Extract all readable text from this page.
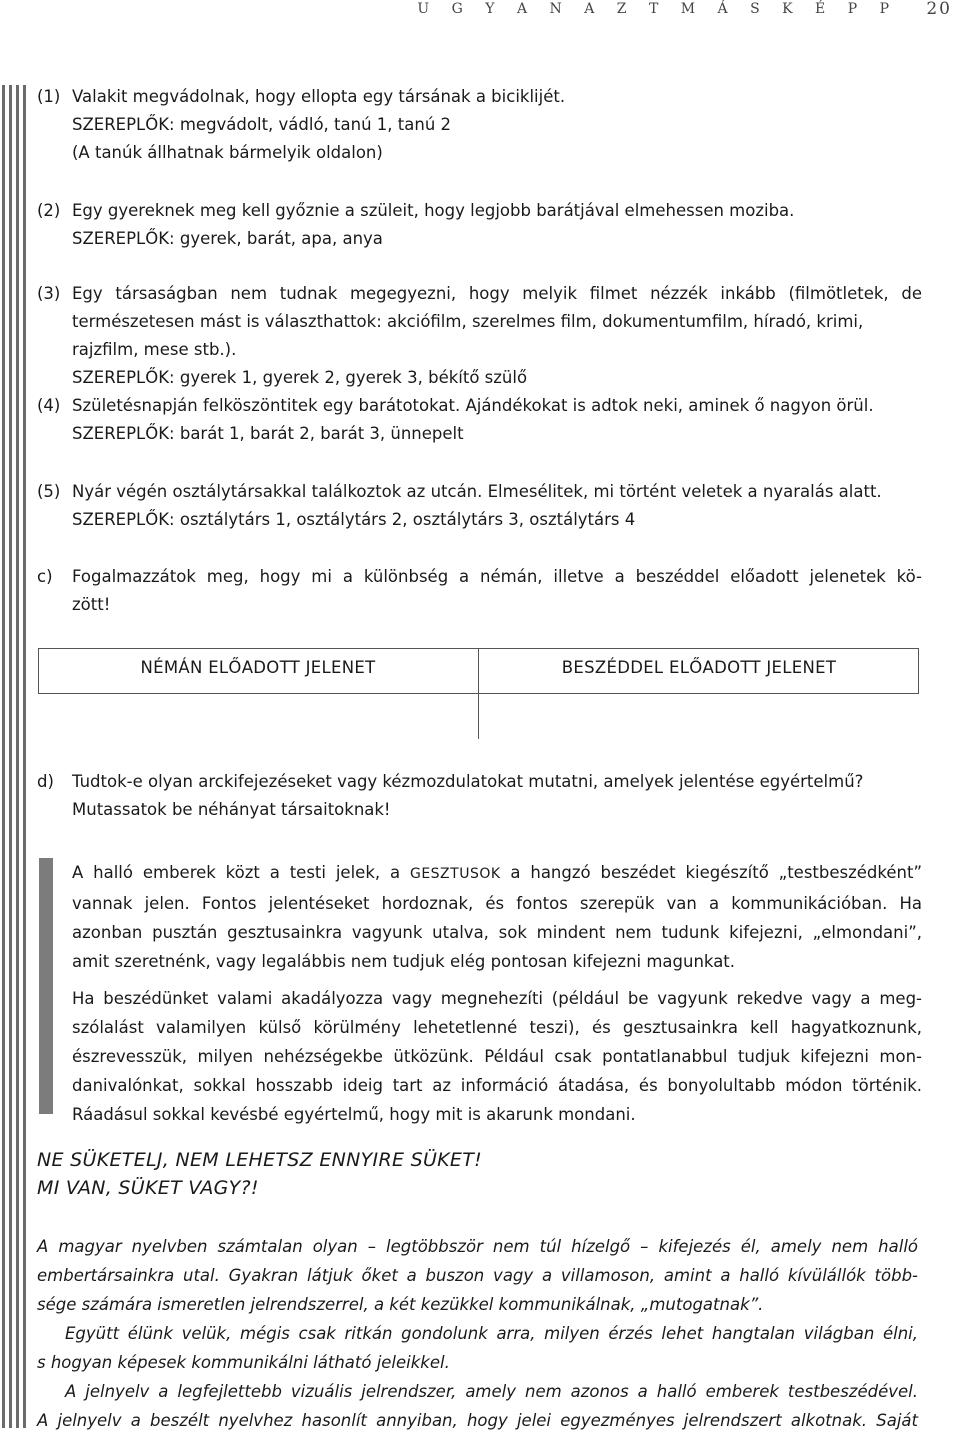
U G Y A N A Z T M Á S K É P P 20
(1) Valakit megvádolnak, hogy ellopta egy társának a biciklijét.
SZEREPLŐK: megvádolt, vádló, tanú 1, tanú 2
(A tanúk állhatnak bármelyik oldalon)
(2) Egy gyereknek meg kell győznie a szüleit, hogy legjobb barátjával elmehessen moziba.
SZEREPLŐK: gyerek, barát, apa, anya
(3) Egy társaságban nem tudnak megegyezni, hogy melyik filmet nézzék inkább (filmötletek, de
természetesen mást is választhattok: akciófilm, szerelmes film, dokumentumfilm, híradó, krimi,
rajzfilm, mese stb.).
SZEREPLŐK: gyerek 1, gyerek 2, gyerek 3, békítő szülő
(4) Születésnapján felköszöntitek egy barátotokat. Ajándékokat is adtok neki, aminek ő nagyon örül.
SZEREPLŐK: barát 1, barát 2, barát 3, ünnepelt
(5) Nyár végén osztálytársakkal találkoztok az utcán. Elmesélitek, mi történt veletek a nyaralás alatt.
SZEREPLŐK: osztálytárs 1, osztálytárs 2, osztálytárs 3, osztálytárs 4
c) Fogalmazzátok meg, hogy mi a különbség a némán, illetve a beszéddel előadott jelenetek kö-
zött!
NÉMÁN ELŐADOTT JELENET	BESZÉDDEL ELŐADOTT JELENET
d) Tudtok-e olyan arckifejezéseket vagy kézmozdulatokat mutatni, amelyek jelentése egyértelmű?
Mutassatok be néhányat társaitoknak!
A halló emberek közt a testi jelek, a GESZTUSOK a hangzó beszédet kiegészítő „testbeszédként”
vannak jelen. Fontos jelentéseket hordoznak, és fontos szerepük van a kommunikációban. Ha
azonban pusztán gesztusainkra vagyunk utalva, sok mindent nem tudunk kifejezni, „elmondani”,
amit szeretnénk, vagy legalábbis nem tudjuk elég pontosan kifejezni magunkat.
Ha beszédünket valami akadályozza vagy megnehezíti (például be vagyunk rekedve vagy a meg-
szólalást valamilyen külső körülmény lehetetlenné teszi), és gesztusainkra kell hagyatkoznunk,
észrevesszük, milyen nehézségekbe ütközünk. Például csak pontatlanabbul tudjuk kifejezni mon-
danivalónkat, sokkal hosszabb ideig tart az információ átadása, és bonyolultabb módon történik.
Ráadásul sokkal kevésbé egyértelmű, hogy mit is akarunk mondani.
NE SÜKETELJ, NEM LEHETSZ ENNYIRE SÜKET!
MI VAN, SÜKET VAGY?!
A magyar nyelvben számtalan olyan – legtöbbször nem túl hízelgő – kifejezés él, amely nem halló
embertársainkra utal. Gyakran látjuk őket a buszon vagy a villamoson, amint a halló kívülállók több-
sége számára ismeretlen jelrendszerrel, a két kezükkel kommunikálnak, „mutogatnak”.
Együtt élünk velük, mégis csak ritkán gondolunk arra, milyen érzés lehet hangtalan világban élni,
s hogyan képesek kommunikálni látható jeleikkel.
A jelnyelv a legfejlettebb vizuális jelrendszer, amely nem azonos a halló emberek testbeszédével.
A jelnyelv a beszélt nyelvhez hasonlít annyiban, hogy jelei egyezményes jelrendszert alkotnak. Saját
